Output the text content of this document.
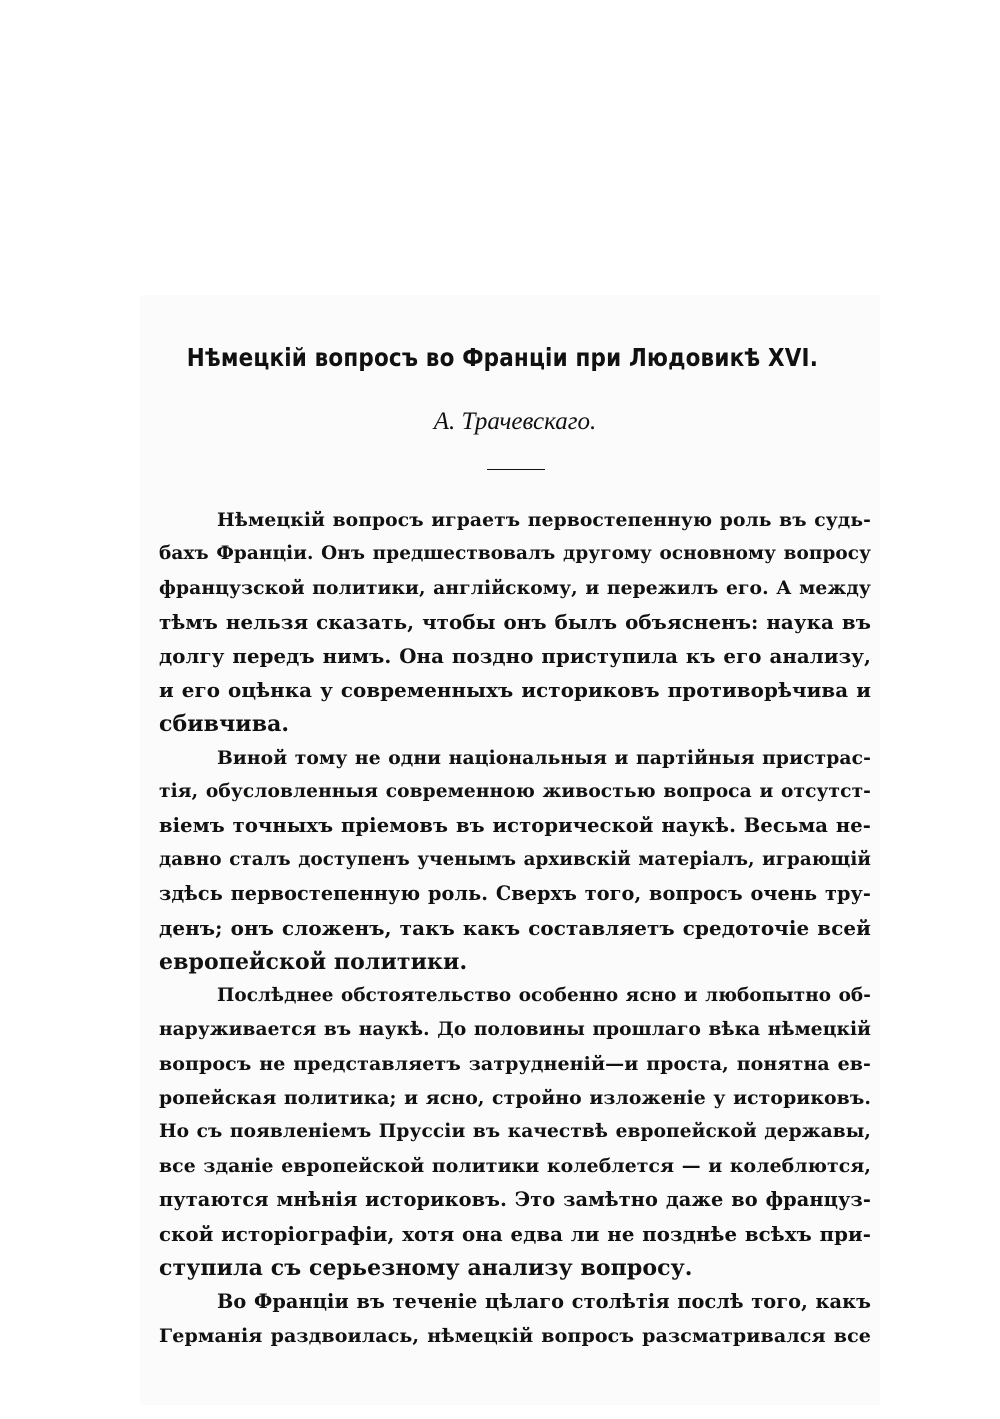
Нѣмецкій вопросъ во Франціи при Людовикѣ XVI.
А. Трачевскаго.
Нѣмецкій вопросъ играетъ первостепенную роль въ судь-
бахъ Франціи. Онъ предшествовалъ другому основному вопросу
французской политики, англійскому, и пережилъ его. А между
тѣмъ нельзя сказать, чтобы онъ былъ объясненъ: наука въ
долгу передъ нимъ. Она поздно приступила къ его анализу,
и его оцѣнка у современныхъ историковъ противорѣчива и
сбивчива.
Виной тому не одни національныя и партійныя пристрас-
тія, обусловленныя современною живостью вопроса и отсутст-
віемъ точныхъ пріемовъ въ исторической наукѣ. Весьма не-
давно сталъ доступенъ ученымъ архивскій матеріалъ, играющій
здѣсь первостепенную роль. Сверхъ того, вопросъ очень тру-
денъ; онъ сложенъ, такъ какъ составляетъ средоточіе всей
европейской политики.
Послѣднее обстоятельство особенно ясно и любопытно об-
наруживается въ наукѣ. До половины прошлаго вѣка нѣмецкій
вопросъ не представляетъ затрудненій—и проста, понятна ев-
ропейская политика; и ясно, стройно изложеніе у историковъ.
Но съ появленіемъ Пруссіи въ качествѣ европейской державы,
все зданіе европейской политики колеблется — и колеблются,
путаются мнѣнія историковъ. Это замѣтно даже во француз-
ской исторіографіи, хотя она едва ли не позднѣе всѣхъ при-
ступила съ серьезному анализу вопросу.
Во Франціи въ теченіе цѣлаго столѣтія послѣ того, какъ
Германія раздвоилась, нѣмецкій вопросъ разсматривался все
